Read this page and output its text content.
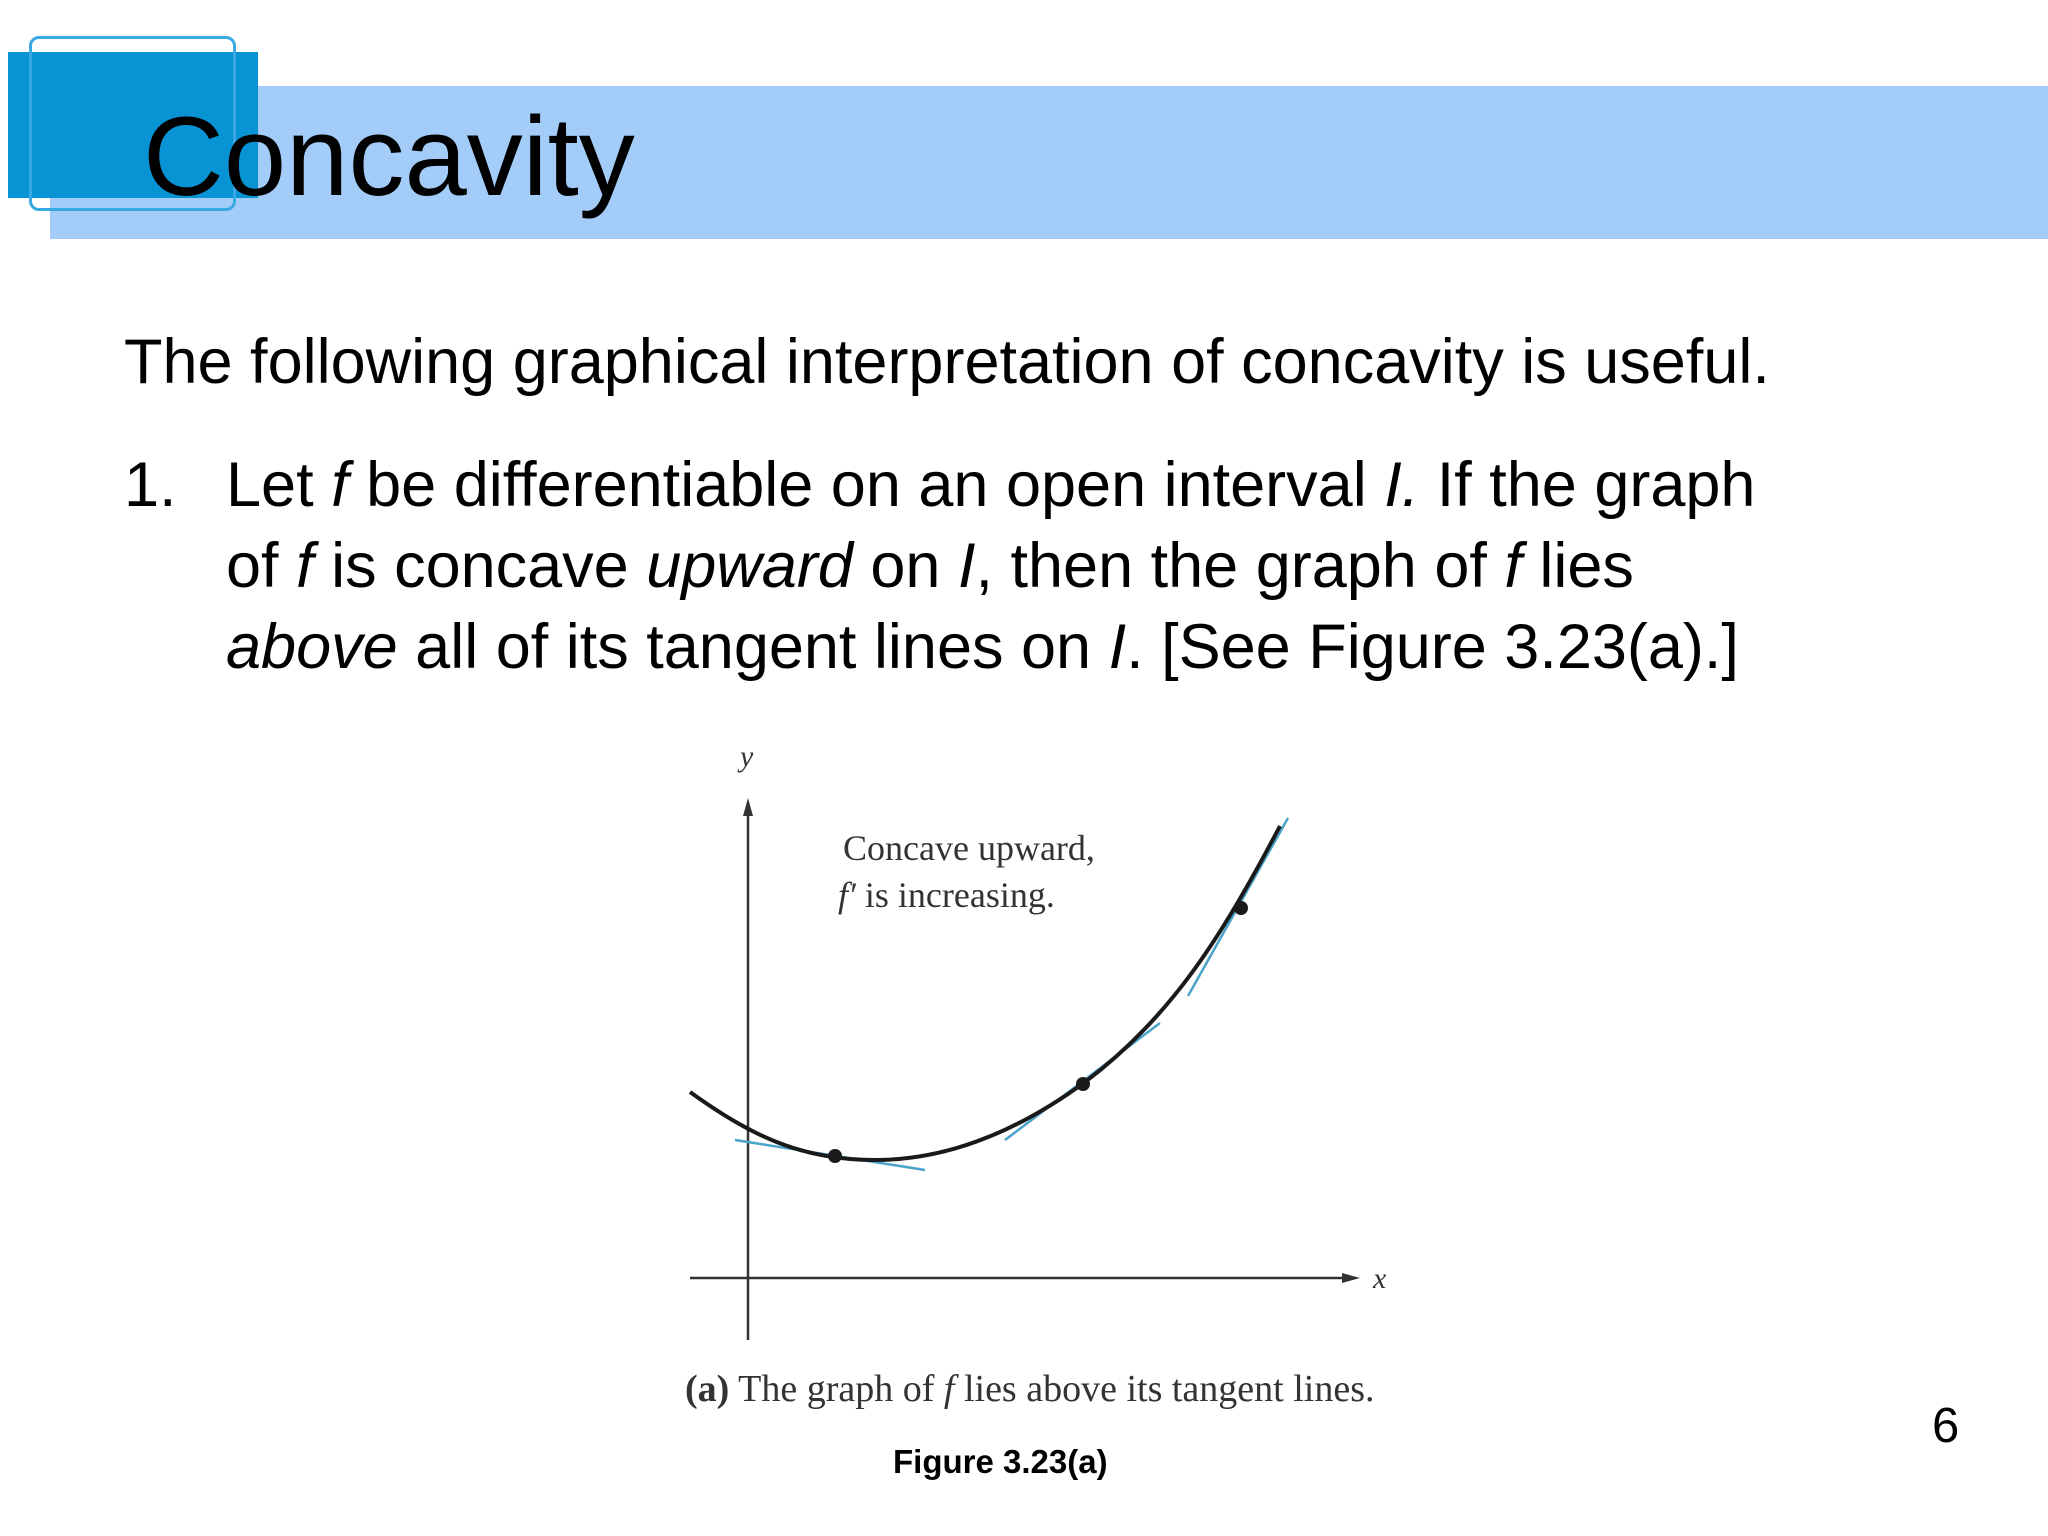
Concavity
The following graphical interpretation of concavity is useful.
1. Let f be differentiable on an open interval I. If the graph
of f is concave upward on I, then the graph of f lies
above all of its tangent lines on I. [See Figure 3.23(a).]
y
x
Concave upward,
f′ is increasing.
(a) The graph of f lies above its tangent lines.
Figure 3.23(a)
6
